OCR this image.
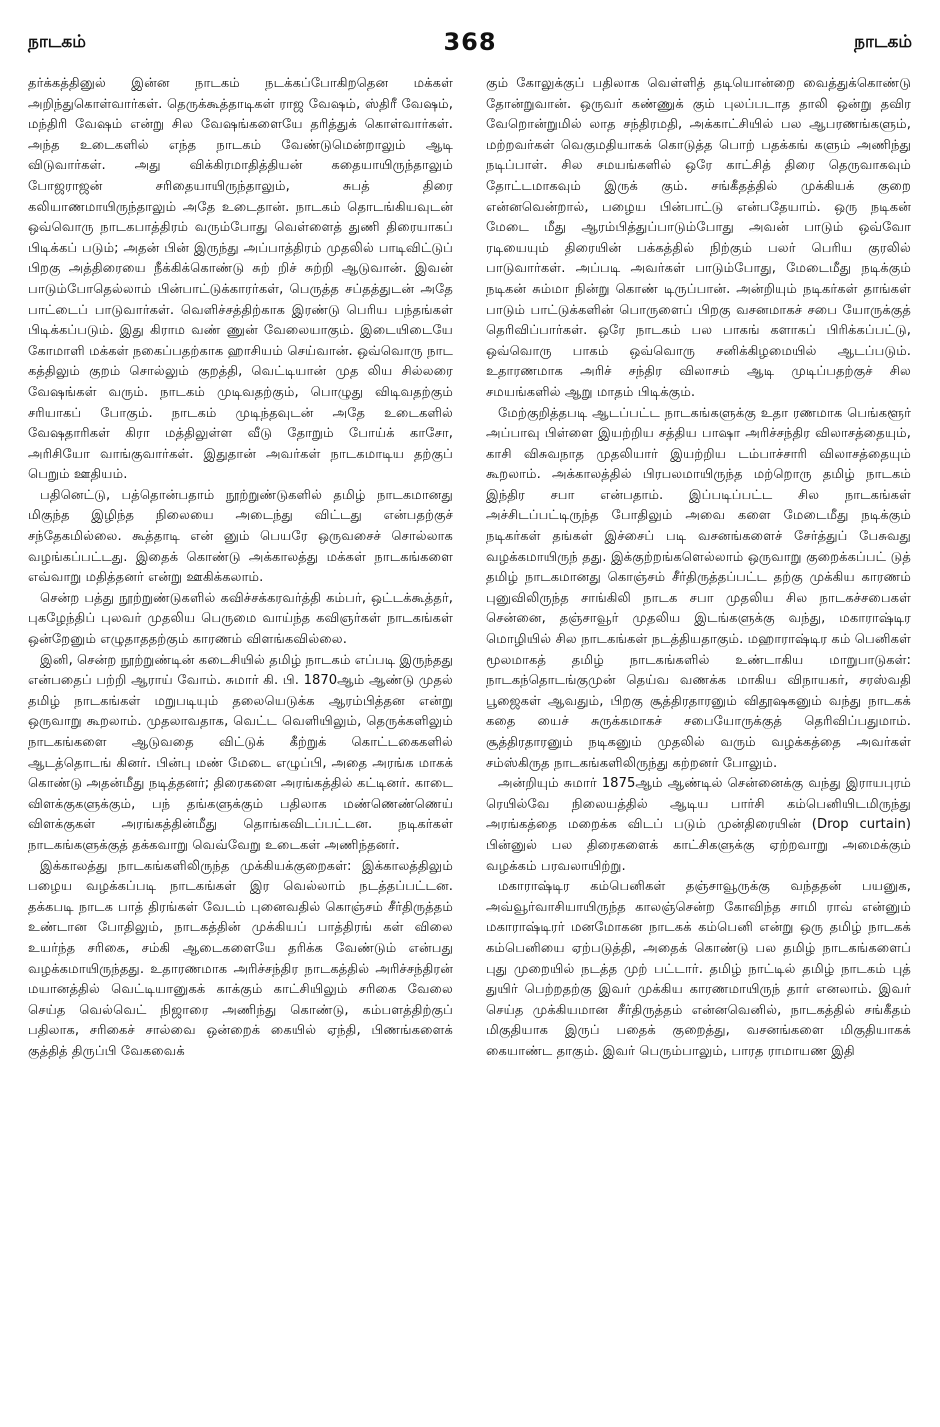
நாடகம்	368	நாடகம்

தர்க்கத்தினுல் இன்ன நாடகம் நடக்கப்போகிறதென மக்கள் அறிந்துகொள்வார்கள். தெருக்கூத்தாடிகள் ராஜ வேஷம், ஸ்திரீ வேஷம், மந்திரி வேஷம் என்று சில வேஷங்களையே தரித்துக் கொள்வார்கள். அந்த உடைகளில் எந்த நாடகம் வேண்டுமென்றாலும் ஆடி விடுவார்கள். அது விக்கிரமாதித்தியன் கதையாயிருந்தாலும் போஜராஜன் சரிதையாயிருந்தாலும், சுபத் திரை கலியாணமாயிருந்தாலும் அதே உடைதான். நாடகம் தொடங்கியவுடன் ஒவ்வொரு நாடகபாத்திரம் வரும்போது வெள்ளைத் துணி திரையாகப் பிடிக்கப் படும்; அதன் பின் இருந்து அப்பாத்திரம் முதலில் பாடிவிட்டுப் பிறகு அத்திரையை நீக்கிக்கொண்டு சுற் றிச் சுற்றி ஆடுவான். இவன் பாடும்போதெல்லாம் பின்பாட்டுக்காரர்கள், பெருத்த சப்தத்துடன் அதே பாட்டைப் பாடுவார்கள். வெளிச்சத்திற்காக இரண்டு பெரிய பந்தங்கள் பிடிக்கப்படும். இது கிராம வண் ணுன் வேலையாகும். இடையிடையே கோமாளி மக்கள் நகைப்பதற்காக ஹாசியம் செய்வான். ஒவ்வொரு நாட கத்திலும் குறம் சொல்லும் குறத்தி, வெட்டியான் முத லிய சில்லரை வேஷங்கள் வரும். நாடகம் முடிவதற்கும், பொழுது விடிவதற்கும் சரியாகப் போகும். நாடகம் முடிந்தவுடன் அதே உடைகளில் வேஷதாரிகள் கிரா மத்திலுள்ள வீடு தோறும் போய்க் காசோ, அரிசியோ வாங்குவார்கள். இதுதான் அவர்கள் நாடகமாடிய தற்குப் பெறும் ஊதியம்.

பதினெட்டு, பத்தொன்பதாம் நூற்றுண்டுகளில் தமிழ் நாடகமானது மிகுந்த இழிந்த நிலையை அடைந்து விட்டது என்பதற்குச் சந்தேகமில்லை. கூத்தாடி என் னும் பெயரே ஒருவசைச் சொல்லாக வழங்கப்பட்டது. இதைக் கொண்டு அக்காலத்து மக்கள் நாடகங்களை எவ்வாறு மதித்தனர் என்று ஊகிக்கலாம்.

சென்ற பத்து நூற்றுண்டுகளில் கவிச்சக்கரவர்த்தி கம்பர், ஒட்டக்கூத்தர், புகழேந்திப் புலவர் முதலிய பெருமை வாய்ந்த கவிஞர்கள் நாடகங்கள் ஒன்றேனும் எழுதாததற்கும் காரணம் விளங்கவில்லை.

இனி, சென்ற நூற்றுண்டின் கடைசியில் தமிழ் நாடகம் எப்படி இருந்தது என்பதைப் பற்றி ஆராய் வோம். சுமார் கி. பி. 1870ஆம் ஆண்டு முதல் தமிழ் நாடகங்கள் மறுபடியும் தலையெடுக்க ஆரம்பித்தன என்று ஒருவாறு கூறலாம். முதலாவதாக, வெட்ட வெளியிலும், தெருக்களிலும் நாடகங்களை ஆடுவதை விட்டுக் கீற்றுக் கொட்டகைகளில் ஆடத்தொடங் கினர். பின்பு மண் மேடை எழுப்பி, அதை அரங்க மாகக் கொண்டு அதன்மீது நடித்தனர்; திரைகளை அரங்கத்தில் கட்டினர். காடை விளக்குகளுக்கும், பந் தங்களுக்கும் பதிலாக மண்ணெண்ணெய் விளக்குகள் அரங்கத்தின்மீது தொங்கவிடப்பட்டன. நடிகர்கள் நாடகங்களுக்குத் தக்கவாறு வெவ்வேறு உடைகள் அணிந்தனர்.

இக்காலத்து நாடகங்களிலிருந்த முக்கியக்குறைகள்: இக்காலத்திலும் பழைய வழக்கப்படி நாடகங்கள் இர வெல்லாம் நடத்தப்பட்டன. தக்கபடி நாடக பாத் திரங்கள் வேடம் புனைவதில் கொஞ்சம் சீர்திருத்தம் உண்டான போதிலும், நாடகத்தின் முக்கியப் பாத்திரங் கள் விலை உயர்ந்த சரிகை, சம்கி ஆடைகளையே தரிக்க வேண்டும் என்பது வழக்கமாயிருந்தது. உதாரணமாக அரிச்சந்திர நாடகத்தில் அரிச்சந்திரன் மயானத்தில் வெட்டியானுகக் காக்கும் காட்சியிலும் சரிகை வேலை செய்த வெல்வெட் நிஜாரை அணிந்து கொண்டு, கம்பளத்திற்குப் பதிலாக, சரிகைச் சால்வை ஒன்றைக் கையில் ஏந்தி, பிணங்களைக் குத்தித் திருப்பி வேகவைக்

கும் கோலுக்குப் பதிலாக வெள்ளித் தடியொன்றை வைத்துக்கொண்டு தோன்றுவான். ஒருவர் கண்ணுக் கும் புலப்படாத தாலி ஒன்று தவிர வேறொன்றுமில் லாத சந்திரமதி, அக்காட்சியில் பல ஆபரணங்களும், மற்றவர்கள் வெகுமதியாகக் கொடுத்த பொற் பதக்கங் களும் அணிந்து நடிப்பாள். சில சமயங்களில் ஒரே காட்சித் திரை தெருவாகவும் தோட்டமாகவும் இருக் கும். சங்கீதத்தில் முக்கியக் குறை என்னவென்றால், பழைய பின்பாட்டு என்பதேயாம். ஒரு நடிகன் மேடை மீது ஆரம்பித்துப்பாடும்போது அவன் பாடும் ஒவ்வோ ரடியையும் திரையின் பக்கத்தில் நிற்கும் பலர் பெரிய குரலில் பாடுவார்கள். அப்படி அவர்கள் பாடும்போது, மேடைமீது நடிக்கும் நடிகன் சும்மா நின்று கொண் டிருப்பான். அன்றியும் நடிகர்கள் தாங்கள் பாடும் பாட்டுக்களின் பொருளைப் பிறகு வசனமாகச் சபை யோருக்குத் தெரிவிப்பார்கள். ஒரே நாடகம் பல பாகங் களாகப் பிரிக்கப்பட்டு, ஒவ்வொரு பாகம் ஒவ்வொரு சனிக்கிழமையில் ஆடப்படும். உதாரணமாக அரிச் சந்திர விலாசம் ஆடி முடிப்பதற்குச் சில சமயங்களில் ஆறு மாதம் பிடிக்கும்.

மேற்குறித்தபடி ஆடப்பட்ட நாடகங்களுக்கு உதா ரணமாக பெங்களூர் அப்பாவு பிள்ளை இயற்றிய சத்திய பாஷா அரிச்சந்திர விலாசத்தையும், காசி விசுவநாத முதலியார் இயற்றிய டம்பாச்சாரி விலாசத்தையும் கூறலாம். அக்காலத்தில் பிரபலமாயிருந்த மற்றொரு தமிழ் நாடகம் இந்திர சபா என்பதாம். இப்படிப்பட்ட சில நாடகங்கள் அச்சிடப்பட்டிருந்த போதிலும் அவை களை மேடைமீது நடிக்கும் நடிகர்கள் தங்கள் இச்சைப் படி வசனங்களைச் சேர்த்துப் பேசுவது வழக்கமாயிருந் தது. இக்குற்றங்களெல்லாம் ஒருவாறு குறைக்கப்பட் டுத் தமிழ் நாடகமானது கொஞ்சம் சீர்திருத்தப்பட்ட தற்கு முக்கிய காரணம் புனுவிலிருந்த சாங்கிலி நாடக சபா முதலிய சில நாடகச்சபைகள் சென்னை, தஞ்சாவூர் முதலிய இடங்களுக்கு வந்து, மகாராஷ்டிர மொழியில் சில நாடகங்கள் நடத்தியதாகும். மஹாராஷ்டிர கம் பெனிகள் மூலமாகத் தமிழ் நாடகங்களில் உண்டாகிய மாறுபாடுகள்: நாடகந்தொடங்குமுன் தெய்வ வணக்க மாகிய விநாயகர், சரஸ்வதி பூஜைகள் ஆவதும், பிறகு சூத்திரதாரனும் விதூஷகனும் வந்து நாடகக் கதை யைச் சுருக்கமாகச் சபையோருக்குத் தெரிவிப்பதுமாம். சூத்திரதாரனும் நடிகனும் முதலில் வரும் வழக்கத்தை அவர்கள் சம்ஸ்கிருத நாடகங்களிலிருந்து கற்றனர் போலும்.

அன்றியும் சுமார் 1875ஆம் ஆண்டில் சென்னைக்கு வந்து இராயபுரம் ரெயில்வே நிலையத்தில் ஆடிய பார்சி கம்பெனியிடமிருந்து அரங்கத்தை மறைக்க விடப் படும் முன்திரையின் (Drop curtain) பின்னுல் பல திரைகளைக் காட்சிகளுக்கு ஏற்றவாறு அமைக்கும் வழக்கம் பரவலாயிற்று.

மகாராஷ்டிர கம்பெனிகள் தஞ்சாவூருக்கு வந்ததன் பயனுக, அவ்வூர்வாசியாயிருந்த காலஞ்சென்ற கோவிந்த சாமி ராவ் என்னும் மகாராஷ்டிரர் மனமோகன நாடகக் கம்பெனி என்று ஒரு தமிழ் நாடகக் கம்பெனியை ஏற்படுத்தி, அதைக் கொண்டு பல தமிழ் நாடகங்களைப் புது முறையில் நடத்த முற் பட்டார். தமிழ் நாட்டில் தமிழ் நாடகம் புத் துயிர் பெற்றதற்கு இவர் முக்கிய காரணமாயிருந் தார் எனலாம். இவர் செய்த முக்கியமான சீர்திருத்தம் என்னவெனில், நாடகத்தில் சங்கீதம் மிகுதியாக இருப் பதைக் குறைத்து, வசனங்களை மிகுதியாகக் கையாண்ட தாகும். இவர் பெரும்பாலும், பாரத ராமாயண இதி
